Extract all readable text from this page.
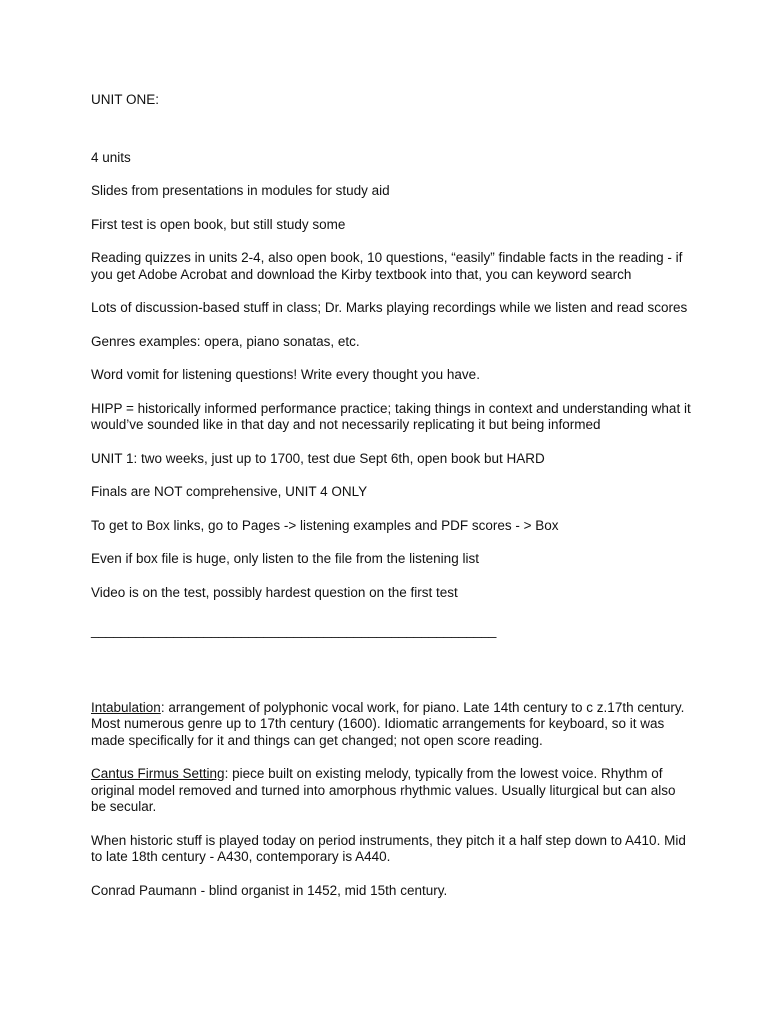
UNIT ONE:

4 units

Slides from presentations in modules for study aid

First test is open book, but still study some

Reading quizzes in units 2-4, also open book, 10 questions, “easily” findable facts in the reading - if you get Adobe Acrobat and download the Kirby textbook into that, you can keyword search

Lots of discussion-based stuff in class; Dr. Marks playing recordings while we listen and read scores

Genres examples: opera, piano sonatas, etc.

Word vomit for listening questions! Write every thought you have.

HIPP = historically informed performance practice; taking things in context and understanding what it would’ve sounded like in that day and not necessarily replicating it but being informed

UNIT 1: two weeks, just up to 1700, test due Sept 6th, open book but HARD

Finals are NOT comprehensive, UNIT 4 ONLY

To get to Box links, go to Pages -> listening examples and PDF scores - > Box

Even if box file is huge, only listen to the file from the listening list

Video is on the test, possibly hardest question on the first test

______________________________________________________

Intabulation: arrangement of polyphonic vocal work, for piano. Late 14th century to c z.17th century. Most numerous genre up to 17th century (1600). Idiomatic arrangements for keyboard, so it was made specifically for it and things can get changed; not open score reading.

Cantus Firmus Setting: piece built on existing melody, typically from the lowest voice. Rhythm of original model removed and turned into amorphous rhythmic values. Usually liturgical but can also be secular.

When historic stuff is played today on period instruments, they pitch it a half step down to A410. Mid to late 18th century - A430, contemporary is A440.

Conrad Paumann - blind organist in 1452, mid 15th century.
